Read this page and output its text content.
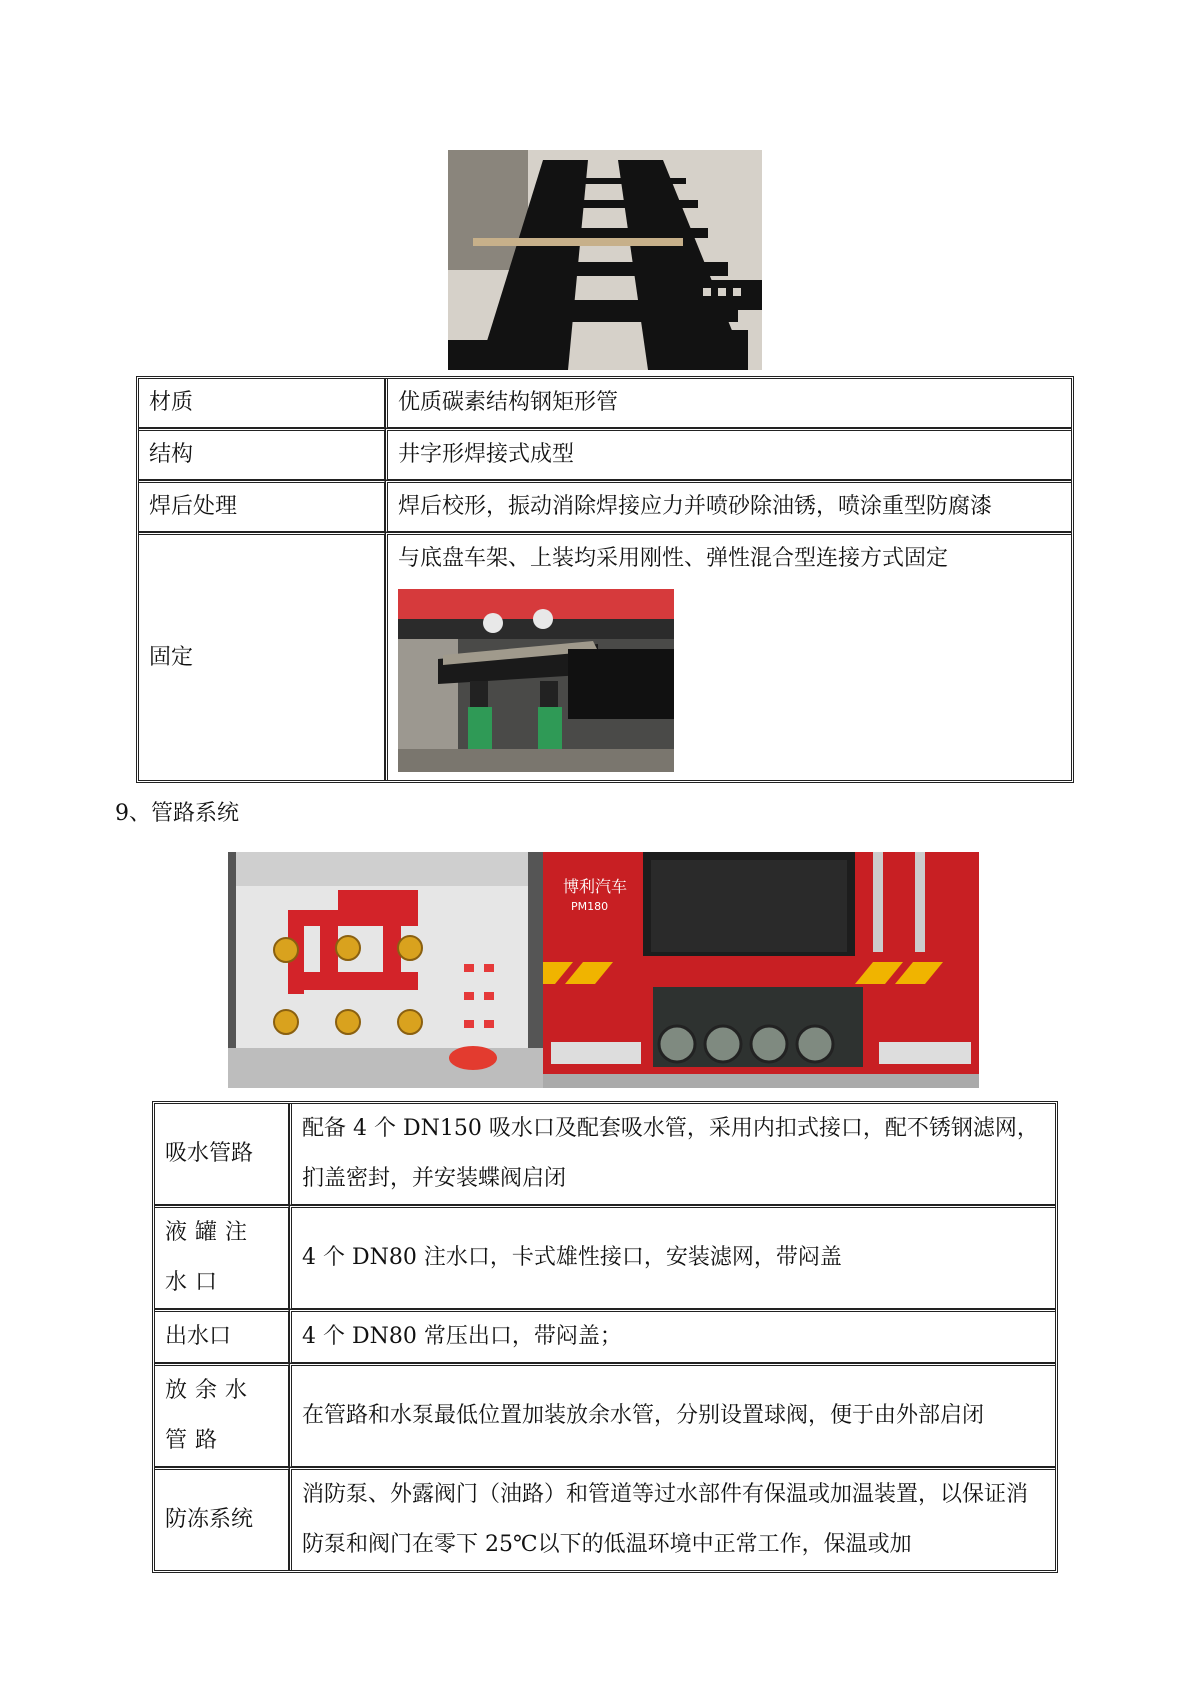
材质	优质碳素结构钢矩形管
结构	井字形焊接式成型
焊后处理	焊后校形，振动消除焊接应力并喷砂除油锈，喷涂重型防腐漆
固定	与底盘车架、上装均采用刚性、弹性混合型连接方式固定
9、管路系统
博利汽车
PM180
吸水管路	配备 4 个 DN150 吸水口及配套吸水管，采用内扣式接口，配不锈钢滤网，扪盖密封，并安装蝶阀启闭
液罐注水口	4 个 DN80 注水口，卡式雄性接口，安装滤网，带闷盖
出水口	4 个 DN80 常压出口，带闷盖；
放余水管路	在管路和水泵最低位置加装放余水管，分别设置球阀，便于由外部启闭
防冻系统	消防泵、外露阀门（油路）和管道等过水部件有保温或加温装置，以保证消防泵和阀门在零下 25℃以下的低温环境中正常工作，保温或加
